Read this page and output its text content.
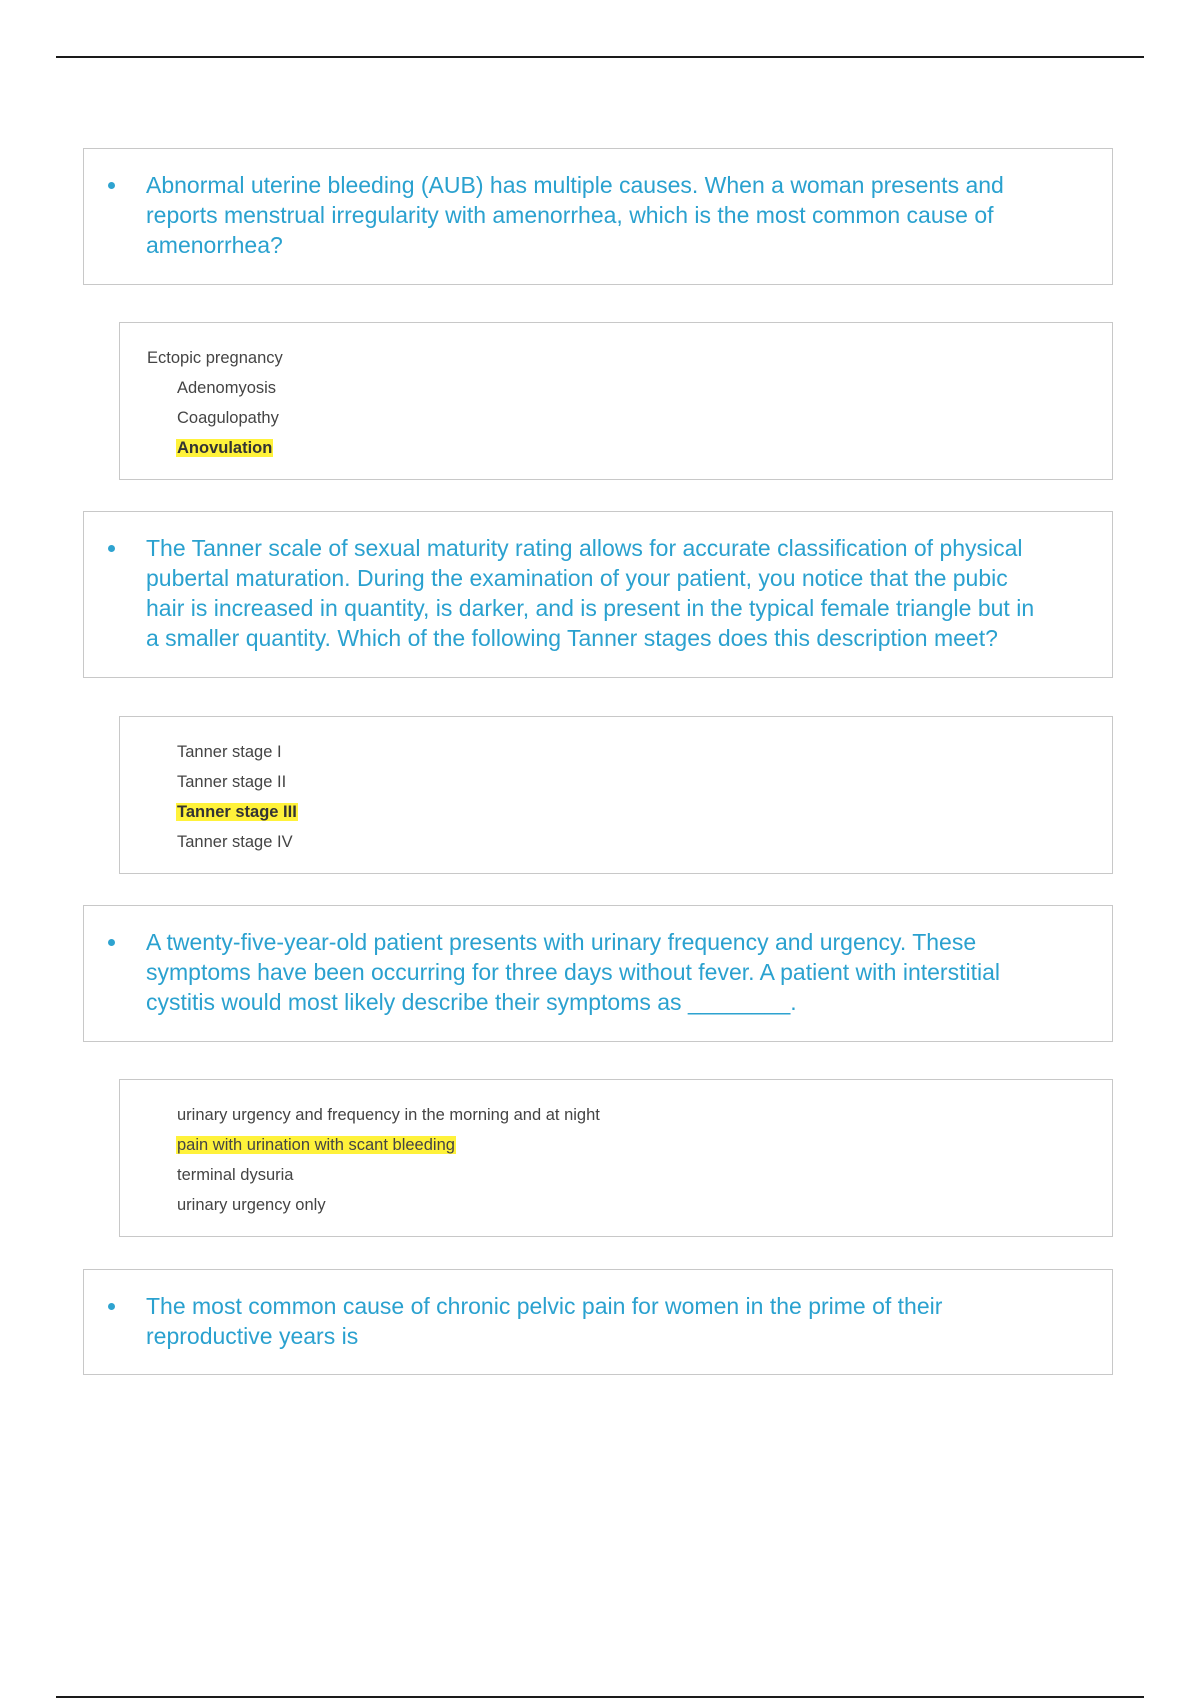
Abnormal uterine bleeding (AUB) has multiple causes. When a woman presents and
reports menstrual irregularity with amenorrhea, which is the most common cause of
amenorrhea?

Ectopic pregnancy
Adenomyosis
Coagulopathy
Anovulation

The Tanner scale of sexual maturity rating allows for accurate classification of physical
pubertal maturation. During the examination of your patient, you notice that the pubic
hair is increased in quantity, is darker, and is present in the typical female triangle but in
a smaller quantity. Which of the following Tanner stages does this description meet?

Tanner stage I
Tanner stage II
Tanner stage III
Tanner stage IV

A twenty-five-year-old patient presents with urinary frequency and urgency. These
symptoms have been occurring for three days without fever. A patient with interstitial
cystitis would most likely describe their symptoms as ________.

urinary urgency and frequency in the morning and at night
pain with urination with scant bleeding
terminal dysuria
urinary urgency only

The most common cause of chronic pelvic pain for women in the prime of their
reproductive years is
